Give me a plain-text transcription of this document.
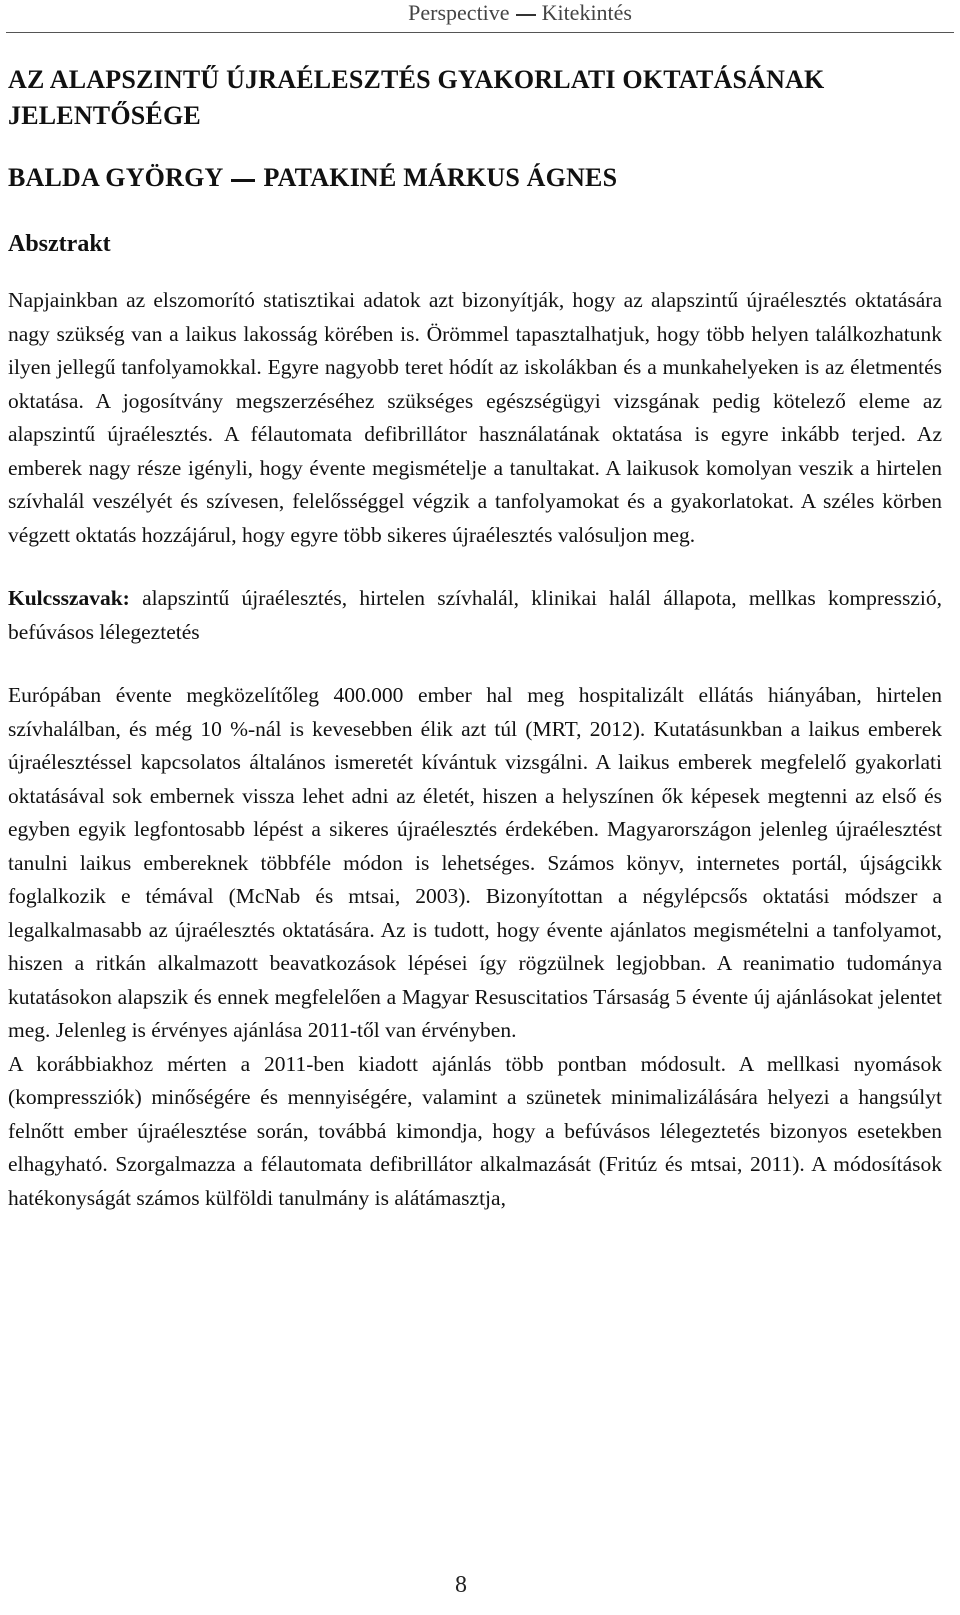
Perspective Kitekintés
AZ ALAPSZINTŰ ÚJRAÉLESZTÉS GYAKORLATI OKTATÁSÁNAK JELENTŐSÉGE
BALDA GYÖRGY PATAKINÉ MÁRKUS ÁGNES
Absztrakt

Napjainkban az elszomorító statisztikai adatok azt bizonyítják, hogy az alapszintű újraélesztés oktatására nagy szükség van a laikus lakosság körében is. Örömmel tapasztalhatjuk, hogy több helyen találkozhatunk ilyen jellegű tanfolyamokkal. Egyre nagyobb teret hódít az iskolákban és a munkahelyeken is az életmentés oktatása. A jogosítvány megszerzéséhez szükséges egészségügyi vizsgának pedig kötelező eleme az alapszintű újraélesztés. A félautomata defibrillátor használatának oktatása is egyre inkább terjed. Az emberek nagy része igényli, hogy évente megismételje a tanultakat. A laikusok komolyan veszik a hirtelen szívhalál veszélyét és szívesen, felelősséggel végzik a tanfolyamokat és a gyakorlatokat. A széles körben végzett oktatás hozzájárul, hogy egyre több sikeres újraélesztés valósuljon meg.

Kulcsszavak: alapszintű újraélesztés, hirtelen szívhalál, klinikai halál állapota, mellkas kompresszió, befúvásos lélegeztetés

Európában évente megközelítőleg 400.000 ember hal meg hospitalizált ellátás hiányában, hirtelen szívhalálban, és még 10 %-nál is kevesebben élik azt túl (MRT, 2012). Kutatásunkban a laikus emberek újraélesztéssel kapcsolatos általános ismeretét kívántuk vizsgálni. A laikus emberek megfelelő gyakorlati oktatásával sok embernek vissza lehet adni az életét, hiszen a helyszínen ők képesek megtenni az első és egyben egyik legfontosabb lépést a sikeres újraélesztés érdekében. Magyarországon jelenleg újraélesztést tanulni laikus embereknek többféle módon is lehetséges. Számos könyv, internetes portál, újságcikk foglalkozik e témával (McNab és mtsai, 2003). Bizonyítottan a négylépcsős oktatási módszer a legalkalmasabb az újraélesztés oktatására. Az is tudott, hogy évente ajánlatos megismételni a tanfolyamot, hiszen a ritkán alkalmazott beavatkozások lépései így rögzülnek legjobban. A reanimatio tudománya kutatásokon alapszik és ennek megfelelően a Magyar Resuscitatios Társaság 5 évente új ajánlásokat jelentet meg. Jelenleg is érvényes ajánlása 2011-től van érvényben.

A korábbiakhoz mérten a 2011-ben kiadott ajánlás több pontban módosult. A mellkasi nyomások (kompressziók) minőségére és mennyiségére, valamint a szünetek minimalizálására helyezi a hangsúlyt felnőtt ember újraélesztése során, továbbá kimondja, hogy a befúvásos lélegeztetés bizonyos esetekben elhagyható. Szorgalmazza a félautomata defibrillátor alkalmazását (Fritúz és mtsai, 2011). A módosítások hatékonyságát számos külföldi tanulmány is alátámasztja,

8
